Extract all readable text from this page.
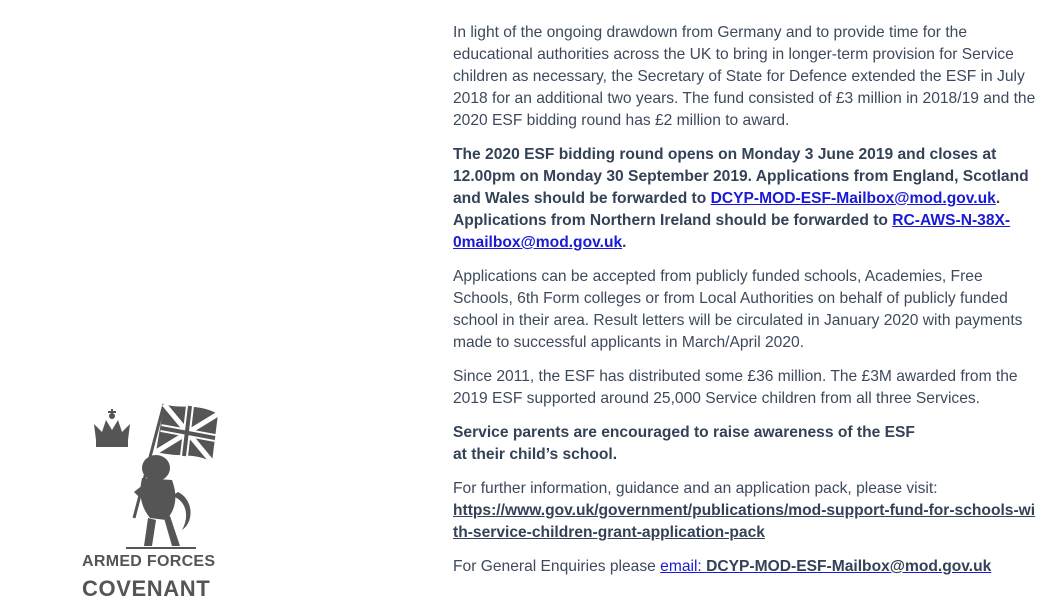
ARMED FORCES
COVENANT

In light of the ongoing drawdown from Germany and to provide time for the educational authorities across the UK to bring in longer-term provision for Service children as necessary, the Secretary of State for Defence extended the ESF in July 2018 for an additional two years. The fund consisted of £3 million in 2018/19 and the 2020 ESF bidding round has £2 million to award.

The 2020 ESF bidding round opens on Monday 3 June 2019 and closes at 12.00pm on Monday 30 September 2019. Applications from England, Scotland and Wales should be forwarded to DCYP-MOD-ESF-Mailbox@mod.gov.uk. Applications from Northern Ireland should be forwarded to RC-AWS-N-38X-0mailbox@mod.gov.uk.

Applications can be accepted from publicly funded schools, Academies, Free Schools, 6th Form colleges or from Local Authorities on behalf of publicly funded school in their area. Result letters will be circulated in January 2020 with payments made to successful applicants in March/April 2020.

Since 2011, the ESF has distributed some £36 million. The £3M awarded from the 2019 ESF supported around 25,000 Service children from all three Services.

Service parents are encouraged to raise awareness of the ESF
at their child’s school.

For further information, guidance and an application pack, please visit:
https://www.gov.uk/government/publications/mod-support-fund-for-schools-with-service-children-grant-application-pack

For General Enquiries please email: DCYP-MOD-ESF-Mailbox@mod.gov.uk
